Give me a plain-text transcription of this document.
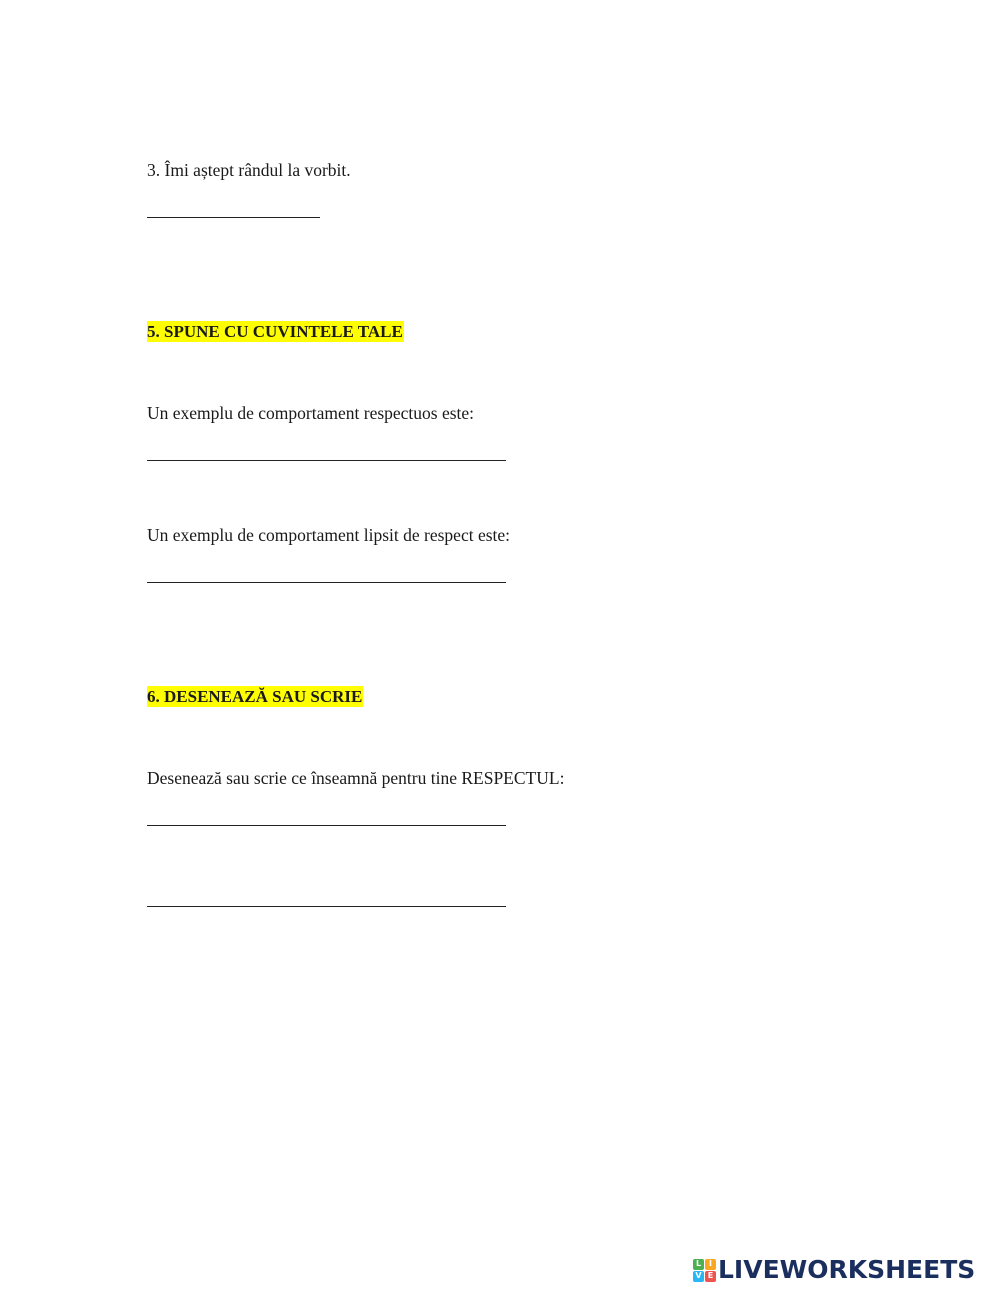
3. Îmi aștept rândul la vorbit.
5. SPUNE CU CUVINTELE TALE
Un exemplu de comportament respectuos este:
Un exemplu de comportament lipsit de respect este:
6. DESENEAZĂ SAU SCRIE
Desenează sau scrie ce înseamnă pentru tine RESPECTUL:
L I
V E LIVEWORKSHEETS
